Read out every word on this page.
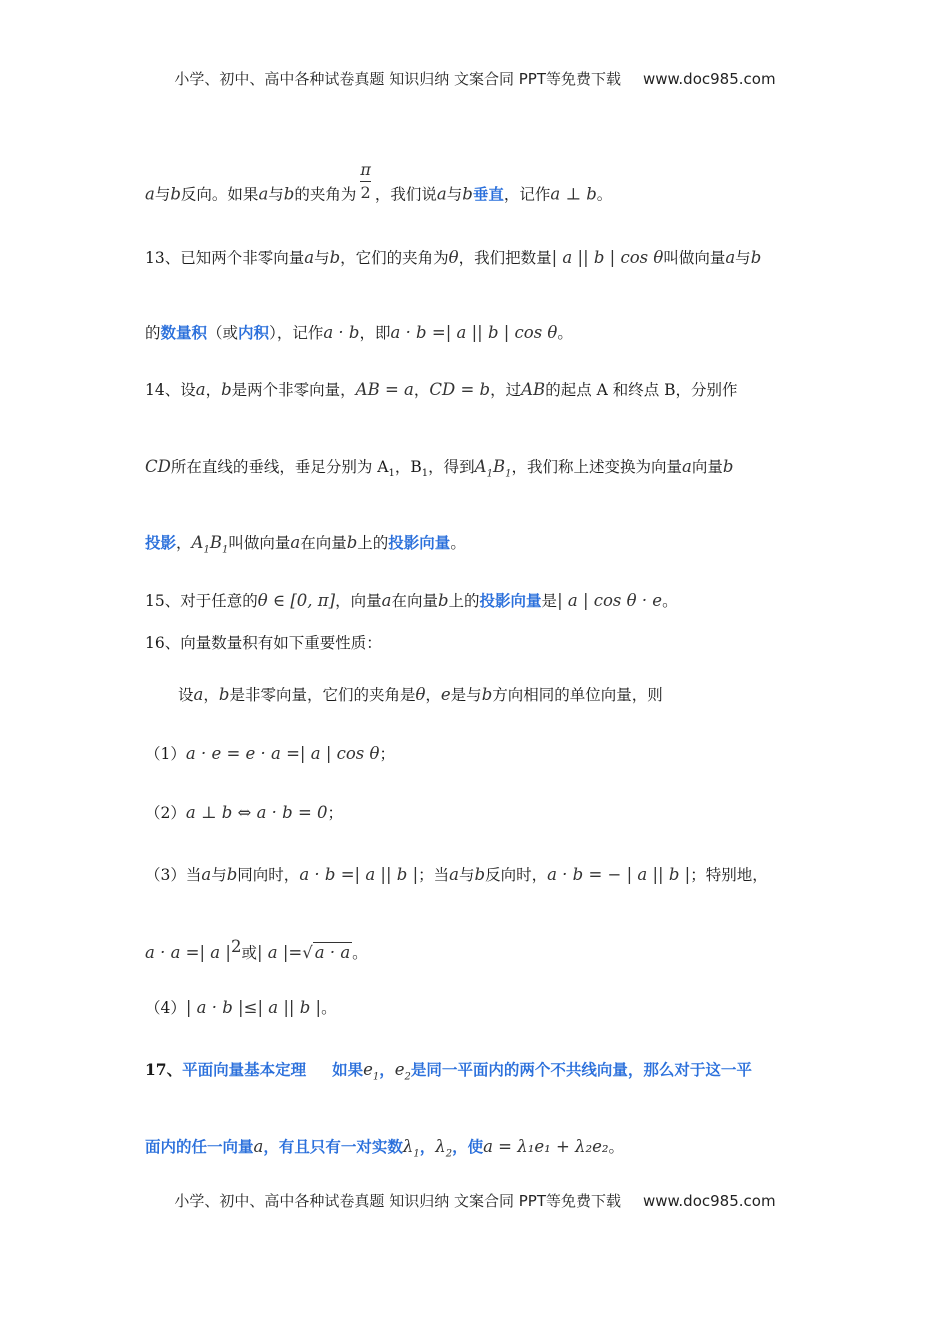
小学、初中、高中各种试卷真题 知识归纳 文案合同 PPT等免费下载 www.doc985.com
a与b反向。如果a与b的夹角为 $\frac{\pi}{2}$ ，我们说a与b垂直，记作a ⊥ b。
13、已知两个非零向量a与b，它们的夹角为θ，我们把数量| a || b | cos θ叫做向量a与b
的数量积（或内积），记作a · b，即a · b =| a || b | cos θ。
14、设a，b是两个非零向量，AB = a，CD = b，过AB的起点 A 和终点 B，分别作
CD所在直线的垂线，垂足分别为 $A_1$，$B_1$，得到$A_1B_1$，我们称上述变换为向量a向量b
投影，$A_1B_1$叫做向量a在向量b上的投影向量。
15、对于任意的θ ∈ [0, π]，向量a在向量b上的投影向量是| a | cos θ · e。
16、向量数量积有如下重要性质：
设a，b是非零向量，它们的夹角是θ，e是与b方向相同的单位向量，则
（1）a · e = e · a =| a | cos θ；
（2）a ⊥ b ⇔ a · b = 0；
（3）当a与b同向时，a · b =| a || b |；当a与b反向时，a · b = − | a || b |；特别地，
a · a =| a $|^2$或| a |=√ a · a 。
（4）| a · b |≤| a || b |。
17、平面向量基本定理 如果$e_1$，$e_2$是同一平面内的两个不共线向量，那么对于这一平
面内的任一向量a，有且只有一对实数$\lambda_1$，$\lambda_2$，使a = λ₁e₁ + λ₂e₂。
小学、初中、高中各种试卷真题 知识归纳 文案合同 PPT等免费下载 www.doc985.com
